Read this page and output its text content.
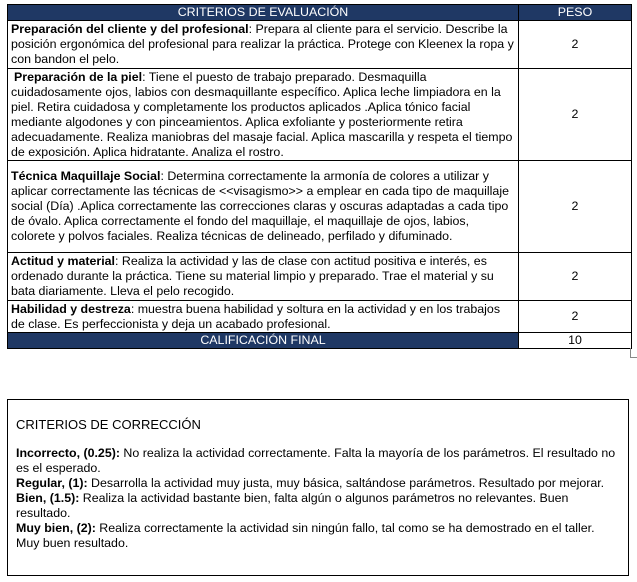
CRITERIOS DE EVALUACIÓN	PESO
Preparación del cliente y del profesional: Prepara al cliente para el servicio. Describe la posición ergonómica del profesional para realizar la práctica. Protege con Kleenex la ropa y con bandon el pelo.	2
Preparación de la piel: Tiene el puesto de trabajo preparado. Desmaquilla cuidadosamente ojos, labios con desmaquillante específico. Aplica leche limpiadora en la piel. Retira cuidadosa y completamente los productos aplicados .Aplica tónico facial mediante algodones y con pinceamientos. Aplica exfoliante y posteriormente retira adecuadamente. Realiza maniobras del masaje facial. Aplica mascarilla y respeta el tiempo de exposición. Aplica hidratante. Analiza el rostro.	2
Técnica Maquillaje Social: Determina correctamente la armonía de colores a utilizar y aplicar correctamente las técnicas de <<visagismo>> a emplear en cada tipo de maquillaje social (Día) .Aplica correctamente las correcciones claras y oscuras adaptadas a cada tipo de óvalo. Aplica correctamente el fondo del maquillaje, el maquillaje de ojos, labios, colorete y polvos faciales. Realiza técnicas de delineado, perfilado y difuminado.	2
Actitud y material: Realiza la actividad y las de clase con actitud positiva e interés, es ordenado durante la práctica. Tiene su material limpio y preparado. Trae el material y su bata diariamente. Lleva el pelo recogido.	2
Habilidad y destreza: muestra buena habilidad y soltura en la actividad y en los trabajos de clase. Es perfeccionista y deja un acabado profesional.	2
CALIFICACIÓN FINAL	10
CRITERIOS DE CORRECCIÓN

Incorrecto, (0.25): No realiza la actividad correctamente. Falta la mayoría de los parámetros. El resultado no es el esperado.

Regular, (1): Desarrolla la actividad muy justa, muy básica, saltándose parámetros. Resultado por mejorar.

Bien, (1.5): Realiza la actividad bastante bien, falta algún o algunos parámetros no relevantes. Buen resultado.

Muy bien, (2): Realiza correctamente la actividad sin ningún fallo, tal como se ha demostrado en el taller. Muy buen resultado.
